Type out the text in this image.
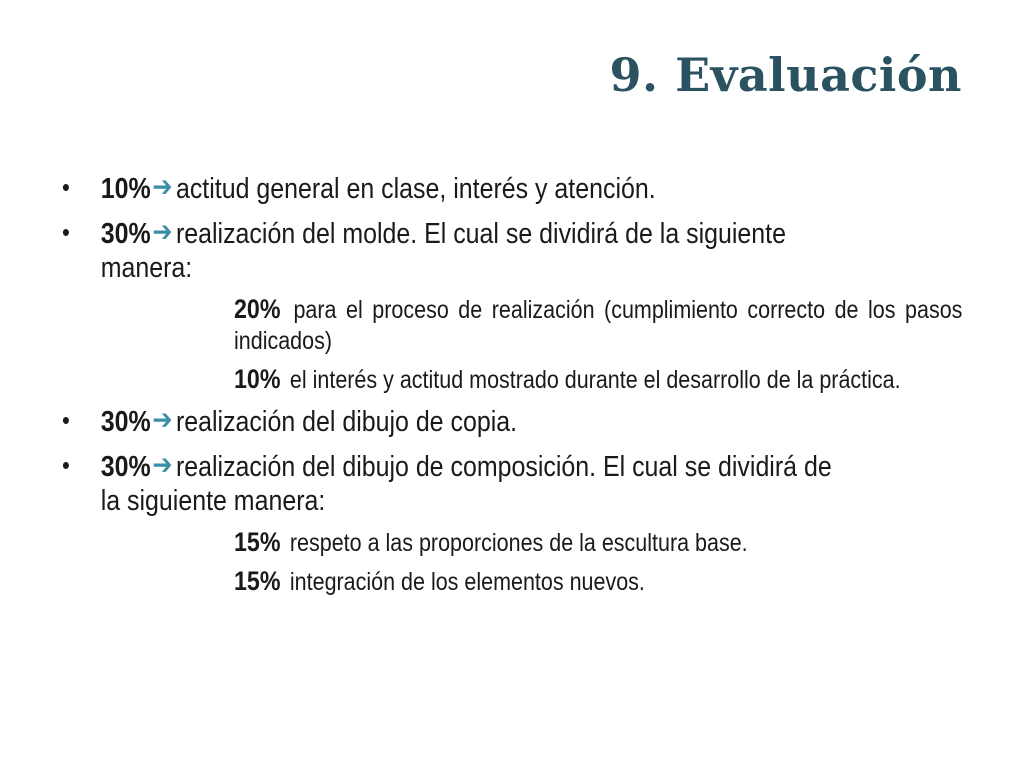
9. Evaluación
• 10%➔ actitud general en clase, interés y atención.
• 30%➔ realización del molde. El cual se dividirá de la siguiente manera:
20% para el proceso de realización (cumplimiento correcto de los pasos indicados)
10% el interés y actitud mostrado durante el desarrollo de la práctica.
• 30%➔ realización del dibujo de copia.
• 30%➔ realización del dibujo de composición. El cual se dividirá de la siguiente manera:
15% respeto a las proporciones de la escultura base.
15% integración de los elementos nuevos.
